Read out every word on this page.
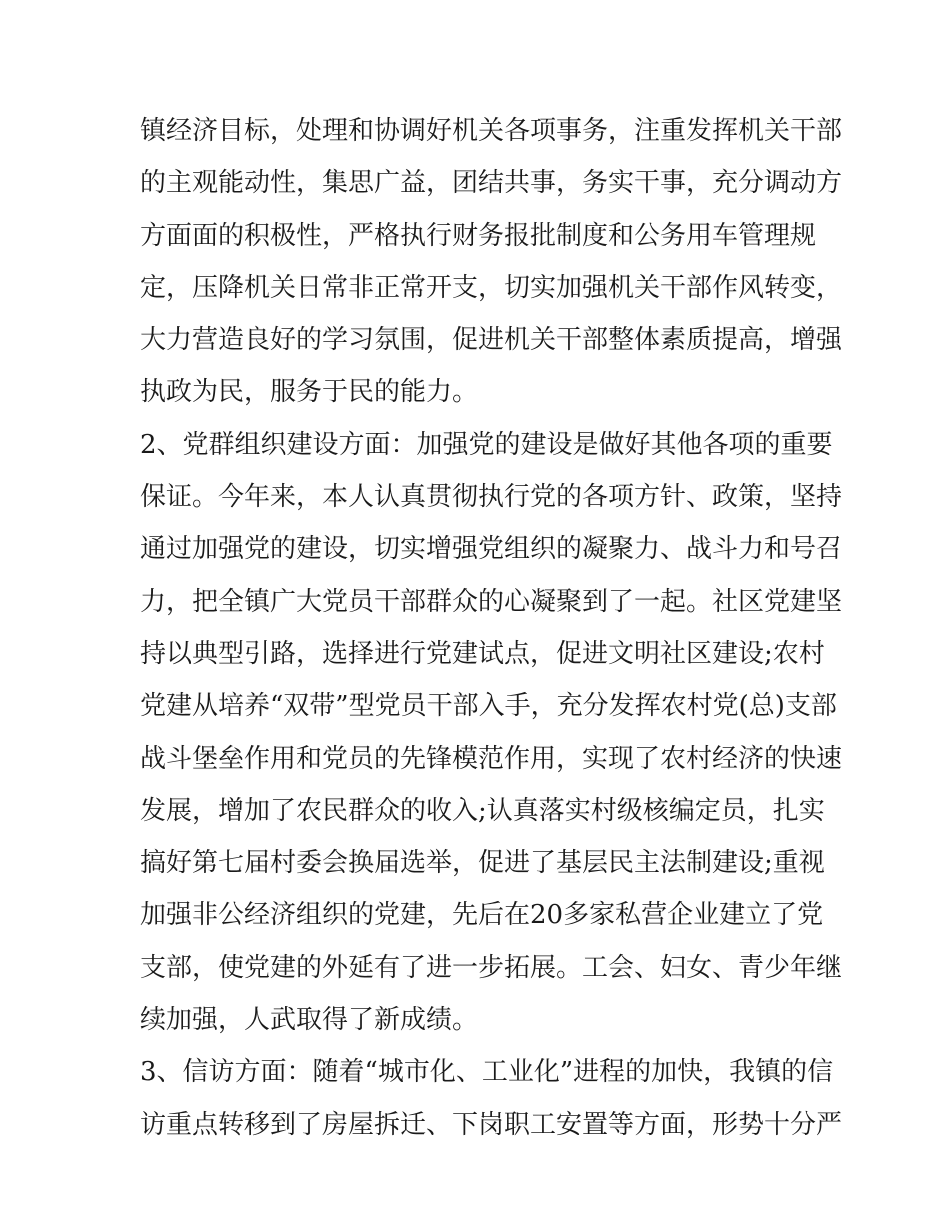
镇经济目标，处理和协调好机关各项事务，注重发挥机关干部
的主观能动性，集思广益，团结共事，务实干事，充分调动方
方面面的积极性，严格执行财务报批制度和公务用车管理规
定，压降机关日常非正常开支，切实加强机关干部作风转变，
大力营造良好的学习氛围，促进机关干部整体素质提高，增强
执政为民，服务于民的能力。
2、党群组织建设方面：加强党的建设是做好其他各项的重要
保证。今年来，本人认真贯彻执行党的各项方针、政策，坚持
通过加强党的建设，切实增强党组织的凝聚力、战斗力和号召
力，把全镇广大党员干部群众的心凝聚到了一起。社区党建坚
持以典型引路，选择进行党建试点，促进文明社区建设;农村
党建从培养“双带”型党员干部入手，充分发挥农村党(总)支部
战斗堡垒作用和党员的先锋模范作用，实现了农村经济的快速
发展，增加了农民群众的收入;认真落实村级核编定员，扎实
搞好第七届村委会换届选举，促进了基层民主法制建设;重视
加强非公经济组织的党建，先后在20多家私营企业建立了党
支部，使党建的外延有了进一步拓展。工会、妇女、青少年继
续加强，人武取得了新成绩。
3、信访方面：随着“城市化、工业化”进程的加快，我镇的信
访重点转移到了房屋拆迁、下岗职工安置等方面，形势十分严
